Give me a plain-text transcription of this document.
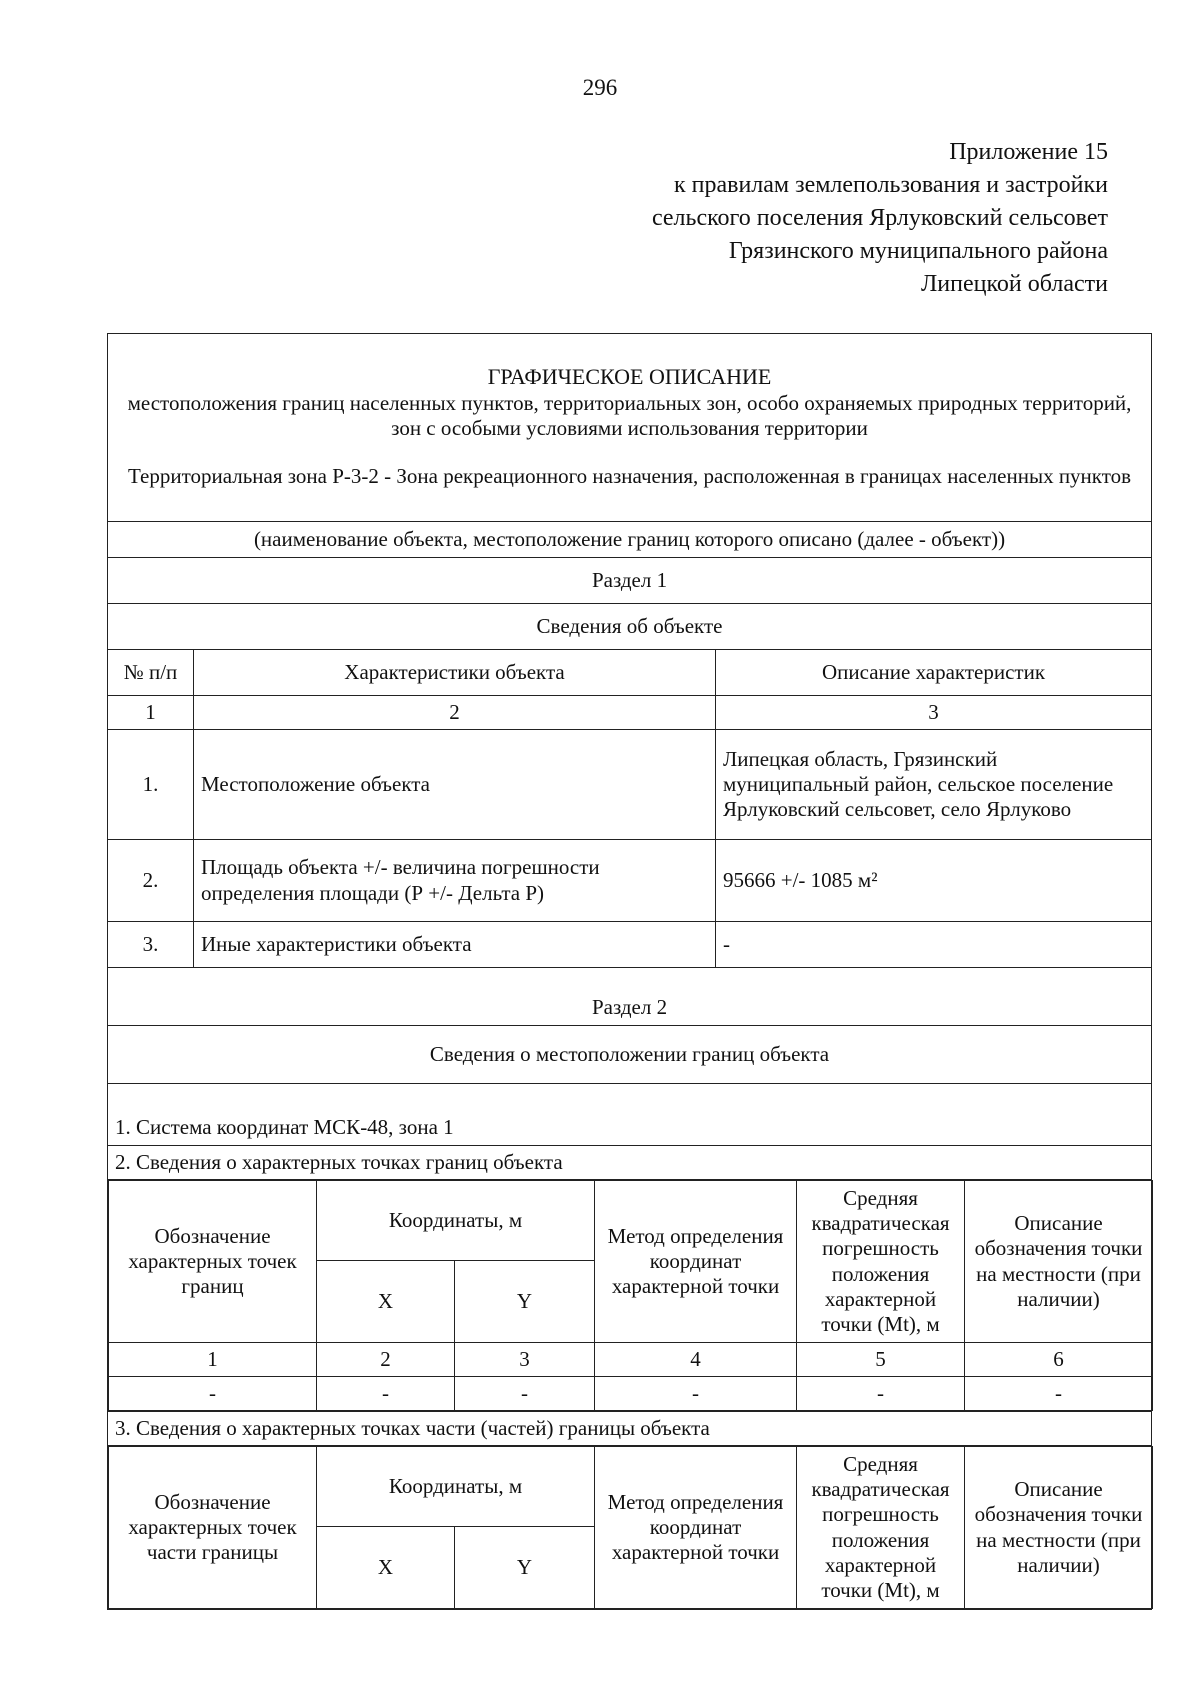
296
Приложение 15
к правилам землепользования и застройки
сельского поселения Ярлуковский сельсовет
Грязинского муниципального района
Липецкой области
ГРАФИЧЕСКОЕ ОПИСАНИЕ
местоположения границ населенных пунктов, территориальных зон, особо охраняемых природных территорий, зон с особыми условиями использования территории
Территориальная зона Р-3-2 - Зона рекреационного назначения, расположенная в границах населенных пунктов

(наименование объекта, местоположение границ которого описано (далее - объект))
Раздел 1
Сведения об объекте
№ п/п	Характеристики объекта	Описание характеристик
1	2	3
1.	Местоположение объекта	Липецкая область, Грязинский муниципальный район, сельское поселение Ярлуковский сельсовет, село Ярлуково
2.	Площадь объекта +/- величина погрешности определения площади (Р +/- Дельта Р)	95666 +/- 1085 м²
3.	Иные характеристики объекта	-
Раздел 2
Сведения о местоположении границ объекта
1. Система координат МСК-48, зона 1
2. Сведения о характерных точках границ объекта

Обозначение характерных точек границ	Координаты, м	Метод определения координат характерной точки	Средняя квадратическая погрешность положения характерной точки (Mt), м	Описание обозначения точки на местности (при наличии)
X	Y
1	2	3	4	5	6
-	-	-	-	-	-

3. Сведения о характерных точках части (частей) границы объекта

Обозначение характерных точек части границы	Координаты, м	Метод определения координат характерной точки	Средняя квадратическая погрешность положения характерной точки (Mt), м	Описание обозначения точки на местности (при наличии)
X	Y
